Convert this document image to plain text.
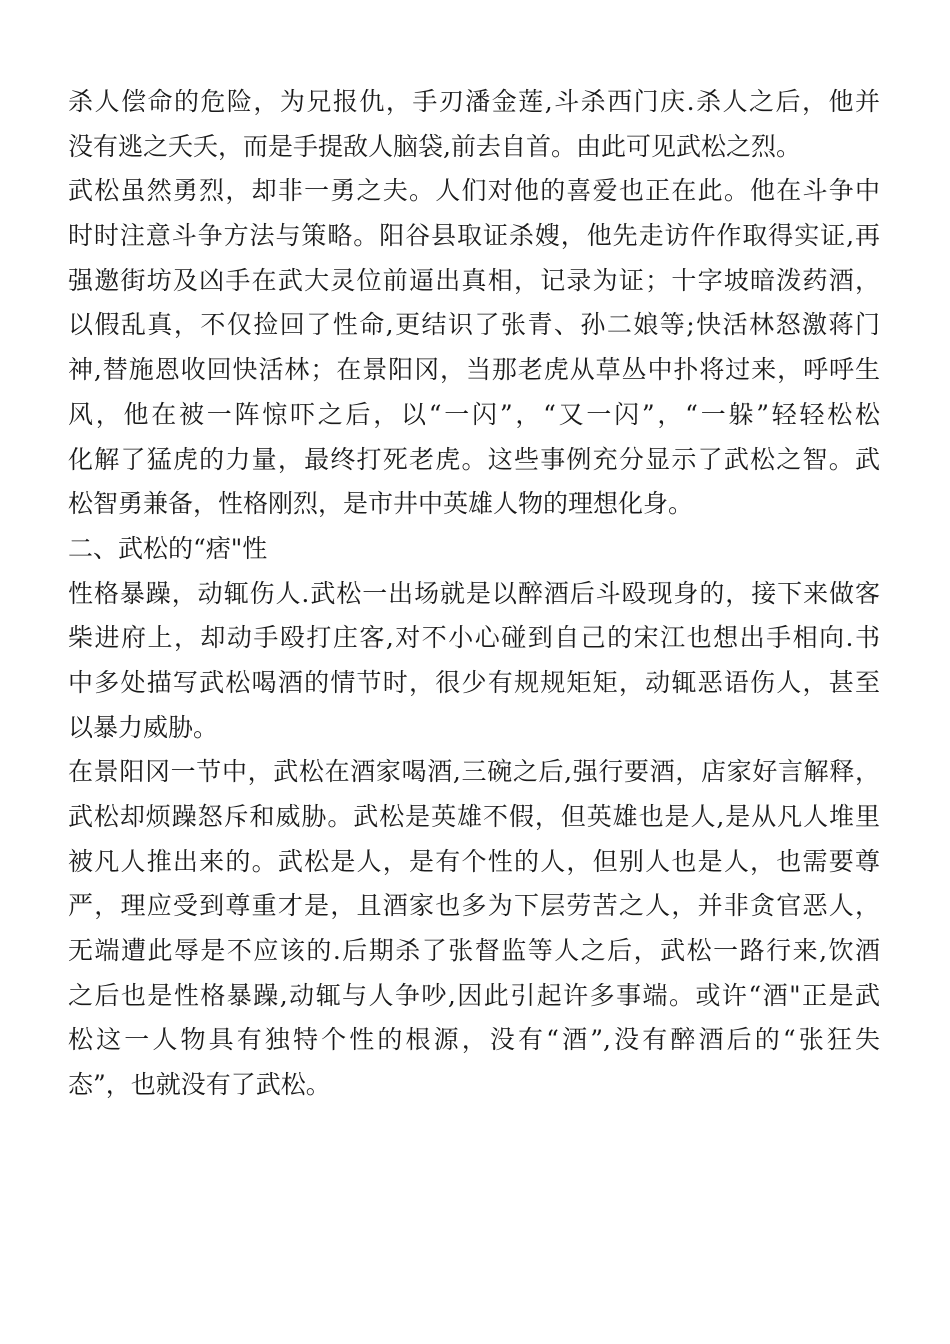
杀人偿命的危险，为兄报仇，手刃潘金莲,斗杀西门庆.杀人之后，他并
没有逃之夭夭，而是手提敌人脑袋,前去自首。由此可见武松之烈。
武松虽然勇烈，却非一勇之夫。人们对他的喜爱也正在此。他在斗争中
时时注意斗争方法与策略。阳谷县取证杀嫂，他先走访仵作取得实证,再
强邀街坊及凶手在武大灵位前逼出真相，记录为证；十字坡暗泼药酒，
以假乱真，不仅捡回了性命,更结识了张青、孙二娘等;快活林怒激蒋门
神,替施恩收回快活林；在景阳冈，当那老虎从草丛中扑将过来，呼呼生
风，他在被一阵惊吓之后，以“一闪”，“又一闪”，“一躲”轻轻松松
化解了猛虎的力量，最终打死老虎。这些事例充分显示了武松之智。武
松智勇兼备，性格刚烈，是市井中英雄人物的理想化身。
二、武松的“痞"性
性格暴躁，动辄伤人.武松一出场就是以醉酒后斗殴现身的，接下来做客
柴进府上，却动手殴打庄客,对不小心碰到自己的宋江也想出手相向.书
中多处描写武松喝酒的情节时，很少有规规矩矩，动辄恶语伤人，甚至
以暴力威胁。
在景阳冈一节中，武松在酒家喝酒,三碗之后,强行要酒，店家好言解释，
武松却烦躁怒斥和威胁。武松是英雄不假，但英雄也是人,是从凡人堆里
被凡人推出来的。武松是人，是有个性的人，但别人也是人，也需要尊
严，理应受到尊重才是，且酒家也多为下层劳苦之人，并非贪官恶人，
无端遭此辱是不应该的.后期杀了张督监等人之后，武松一路行来,饮酒
之后也是性格暴躁,动辄与人争吵,因此引起许多事端。或许“酒"正是武
松这一人物具有独特个性的根源，没有“酒”,没有醉酒后的“张狂失
态”，也就没有了武松。
